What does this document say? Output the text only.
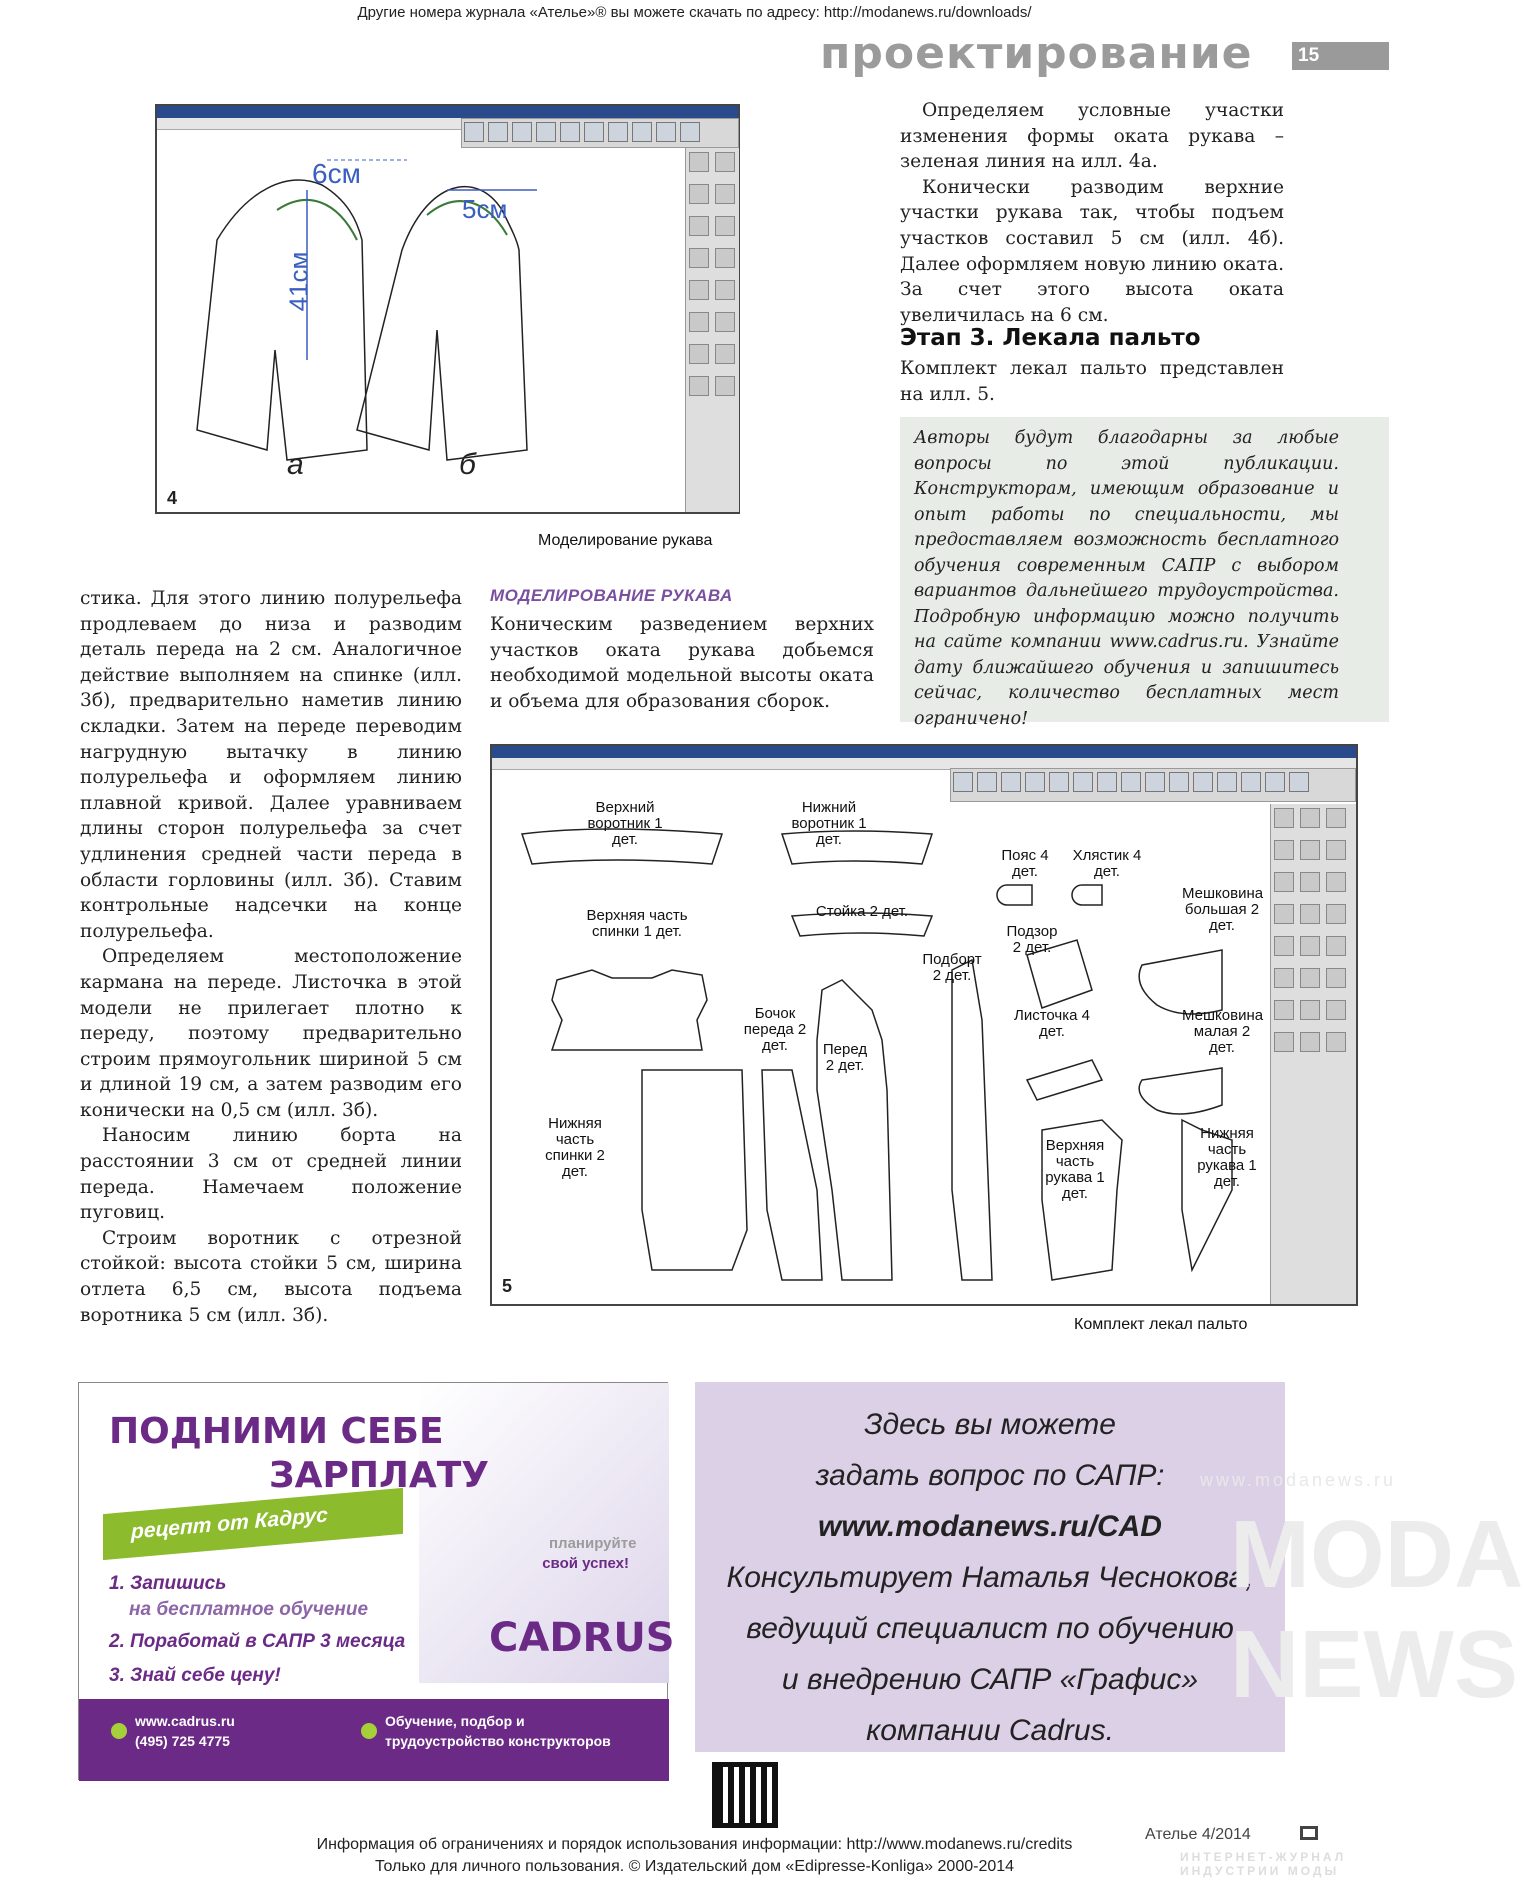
Другие номера журнала «Ателье»® вы можете скачать по адресу: http://modanews.ru/downloads/
проектирование	15
6см
5см
41см
а	б
4
Моделирование рукава

Определяем условные участки изменения формы оката рукава – зеленая линия на илл. 4а.

Конически разводим верхние участки рукава так, чтобы подъем участков составил 5 см (илл. 4б). Далее оформляем новую линию оката. За счет этого высота оката увеличилась на 6 см.

Этап 3. Лекала пальто
Комплект лекал пальто представлен на илл. 5.
Авторы будут благодарны за любые вопросы по этой публикации. Конструкторам, имеющим образование и опыт работы по специальности, мы предоставляем возможность бесплатного обучения современным САПР с выбором вариантов дальнейшего трудоустройства. Подробную информацию можно получить на сайте компании www.cadrus.ru. Узнайте дату ближайшего обучения и запишитесь сейчас, количество бесплатных мест ограничено!

стика. Для этого линию полурельефа продлеваем до низа и разводим деталь переда на 2 см. Аналогичное действие выполняем на спинке (илл. 3б), предварительно наметив линию складки. Затем на переде переводим нагрудную вытачку в линию полурельефа и оформляем линию плавной кривой. Далее уравниваем длины сторон полурельефа за счет удлинения средней части переда в области горловины (илл. 3б). Ставим контрольные надсечки на конце полурельефа.

Определяем местоположение кармана на переде. Листочка в этой модели не прилегает плотно к переду, поэтому предварительно строим прямоугольник шириной 5 см и длиной 19 см, а затем разводим его конически на 0,5 см (илл. 3б).

Наносим линию борта на расстоянии 3 см от средней линии переда. Намечаем положение пуговиц.

Строим воротник с отрезной стойкой: высота стойки 5 см, ширина отлета 6,5 см, высота подъема воротника 5 см (илл. 3б).

МОДЕЛИРОВАНИЕ РУКАВА
Коническим разведением верхних участков оката рукава добьемся необходимой модельной высоты оката и объема для образования сборок.
Верхний воротник 1 дет.
Нижний воротник 1 дет.
Пояс 4 дет.
Хлястик 4 дет.
Мешковина большая 2 дет.
Верхняя часть спинки 1 дет.
Стойка 2 дет.
Подзор 2 дет.
Подборт 2 дет.
Бочок переда 2 дет.	Перед 2 дет.
Листочка 4 дет.
Мешковина малая 2 дет.
Нижняя часть спинки 2 дет.
Верхняя часть рукава 1 дет.
Нижняя часть рукава 1 дет.
5
Комплект лекал пальто
ПОДНИМИ СЕБЕ
ЗАРПЛАТУ
рецепт от Кадрус
1. Запишись
на бесплатное обучение
2. Поработай в САПР 3 месяца
3. Знай себе цену!
планируйте
свой успех!
CADRUS
www.cadrus.ru
(495) 725 4775
Обучение, подбор и
трудоустройство конструкторов
Здесь вы можете
задать вопрос по САПР:
www.modanews.ru/CAD
Консультирует Наталья Чеснокова,
ведущий специалист по обучению
и внедрению САПР «Графис»
компании Cadrus.
www.modanews.ru
MODA
NEWS
Информация об ограничениях и порядок использования информации: http://www.modanews.ru/credits
Только для личного пользования. © Издательский дом «Edipresse-Konliga» 2000-2014
Ателье 4/2014
ИНТЕРНЕТ-ЖУРНАЛ
ИНДУСТРИИ МОДЫ
